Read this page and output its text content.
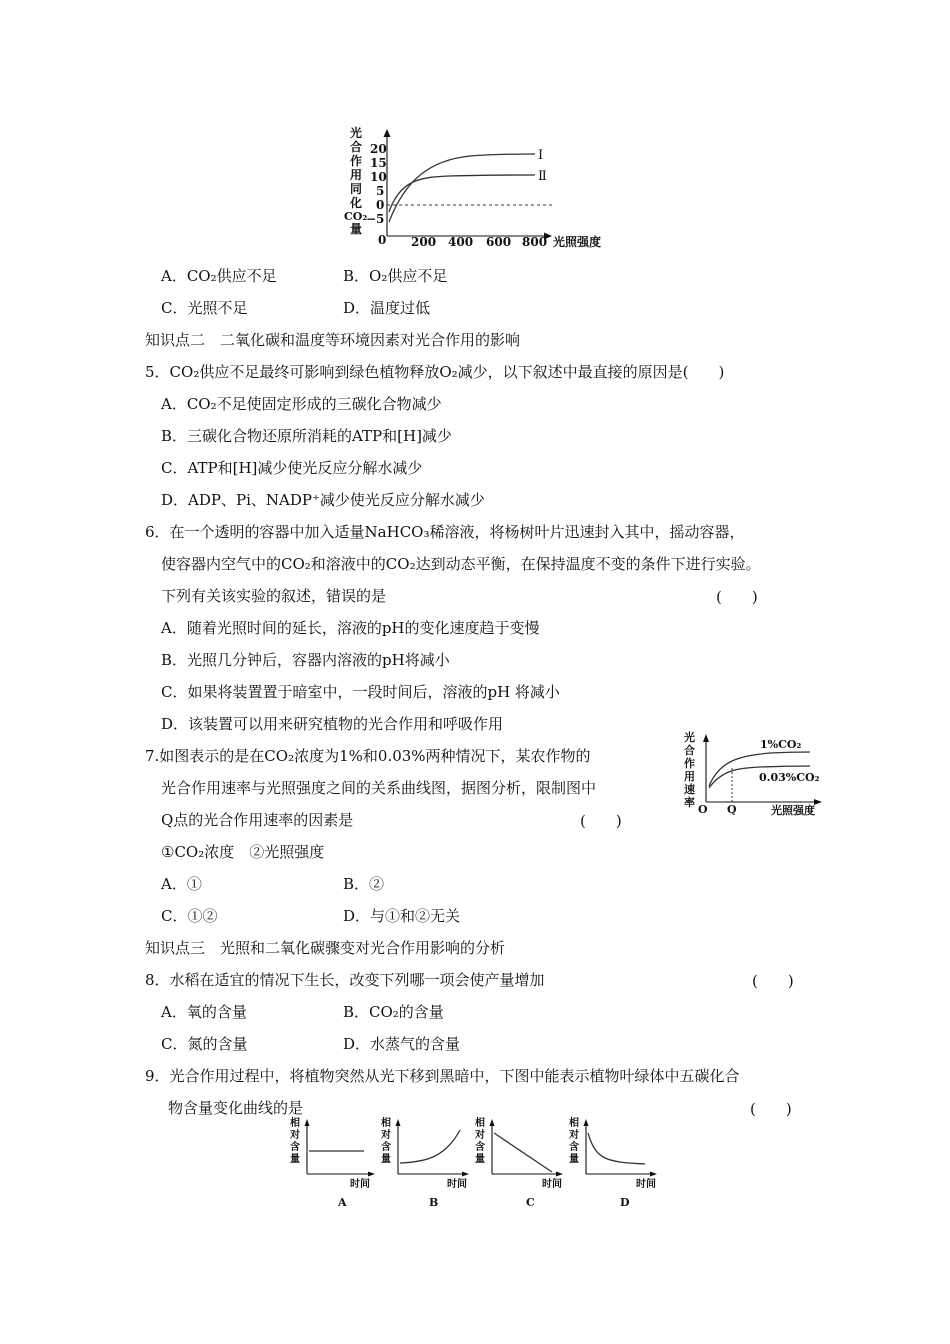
光
合
作
用
同
化
CO₂
量
20
15
10
5
0
−5
0 200 400 600 800
Ⅰ
Ⅱ
光照强度
A．CO₂供应不足	B．O₂供应不足
C．光照不足	D．温度过低
知识点二　二氧化碳和温度等环境因素对光合作用的影响
5．CO₂供应不足最终可影响到绿色植物释放O₂减少，以下叙述中最直接的原因是(　　)
A．CO₂不足使固定形成的三碳化合物减少
B．三碳化合物还原所消耗的ATP和[H]减少
C．ATP和[H]减少使光反应分解水减少
D．ADP、Pi、NADP⁺减少使光反应分解水减少
6．在一个透明的容器中加入适量NaHCO₃稀溶液，将杨树叶片迅速封入其中，摇动容器，
使容器内空气中的CO₂和溶液中的CO₂达到动态平衡，在保持温度不变的条件下进行实验。
下列有关该实验的叙述，错误的是	(　　)
A．随着光照时间的延长，溶液的pH的变化速度趋于变慢
B．光照几分钟后，容器内溶液的pH将减小
C．如果将装置置于暗室中，一段时间后，溶液的pH 将减小
D．该装置可以用来研究植物的光合作用和呼吸作用
7.如图表示的是在CO₂浓度为1%和0.03%两种情况下，某农作物的
光合作用速率与光照强度之间的关系曲线图，据图分析，限制图中
Q点的光合作用速率的因素是	(　　)
①CO₂浓度　②光照强度
A．①	B．②
C．①②	D．与①和②无关
光
合
作
用
速
率
1%CO₂
0.03%CO₂
O Q	光照强度
知识点三　光照和二氧化碳骤变对光合作用影响的分析
8．水稻在适宜的情况下生长，改变下列哪一项会使产量增加	(　　)
A．氧的含量	B．CO₂的含量
C．氮的含量	D．水蒸气的含量
9．光合作用过程中，将植物突然从光下移到黑暗中，下图中能表示植物叶绿体中五碳化合
物含量变化曲线的是	(　　)
相
对
含
量
时间
A
相
对
含
量
时间
B
相
对
含
量
时间
C
相
对
含
量
时间
D
